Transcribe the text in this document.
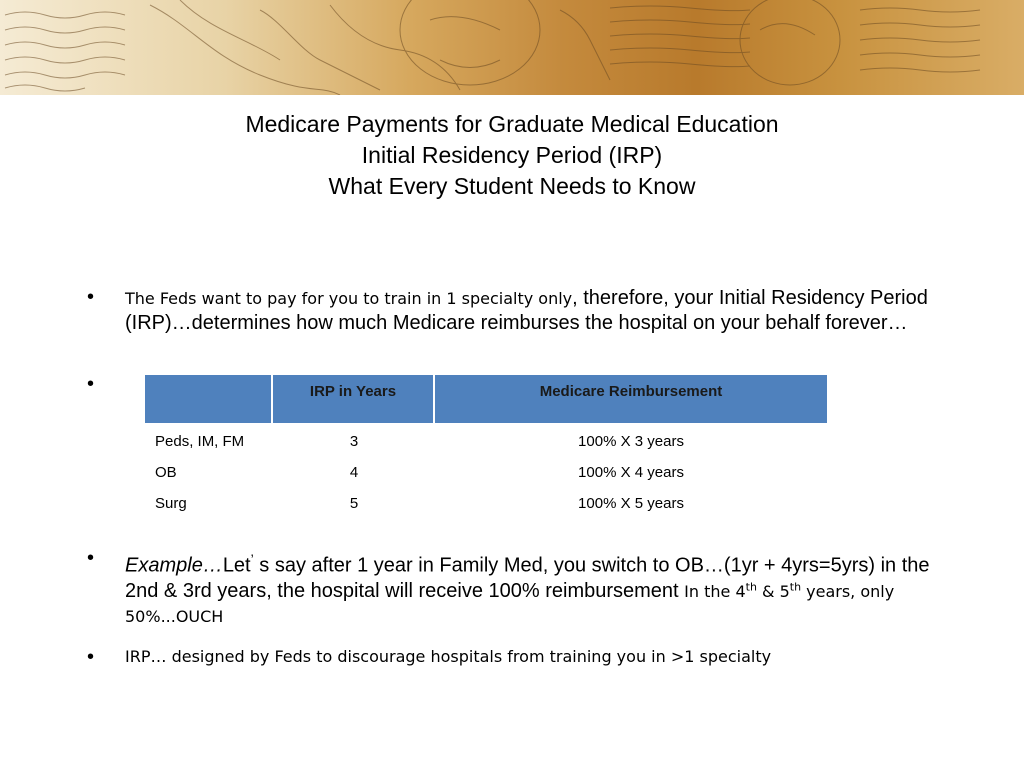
Medicare Payments for Graduate Medical Education
Initial Residency Period (IRP)
What Every Student Needs to Know
• The Feds want to pay for you to train in 1 specialty only, therefore, your Initial Residency Period (IRP)…determines how much Medicare reimburses the hospital on your behalf forever…
•	IRP in Years	Medicare Reimbursement
Peds, IM, FM	3	100% X 3 years
OB	4	100% X 4 years
Surg	5	100% X 5 years
• Example…Let’ s say after 1 year in Family Med, you switch to OB…(1yr + 4yrs=5yrs) in the 2nd & 3rd years, the hospital will receive 100% reimbursement In the 4th & 5th years, only 50%...OUCH
• IRP… designed by Feds to discourage hospitals from training you in >1 specialty
